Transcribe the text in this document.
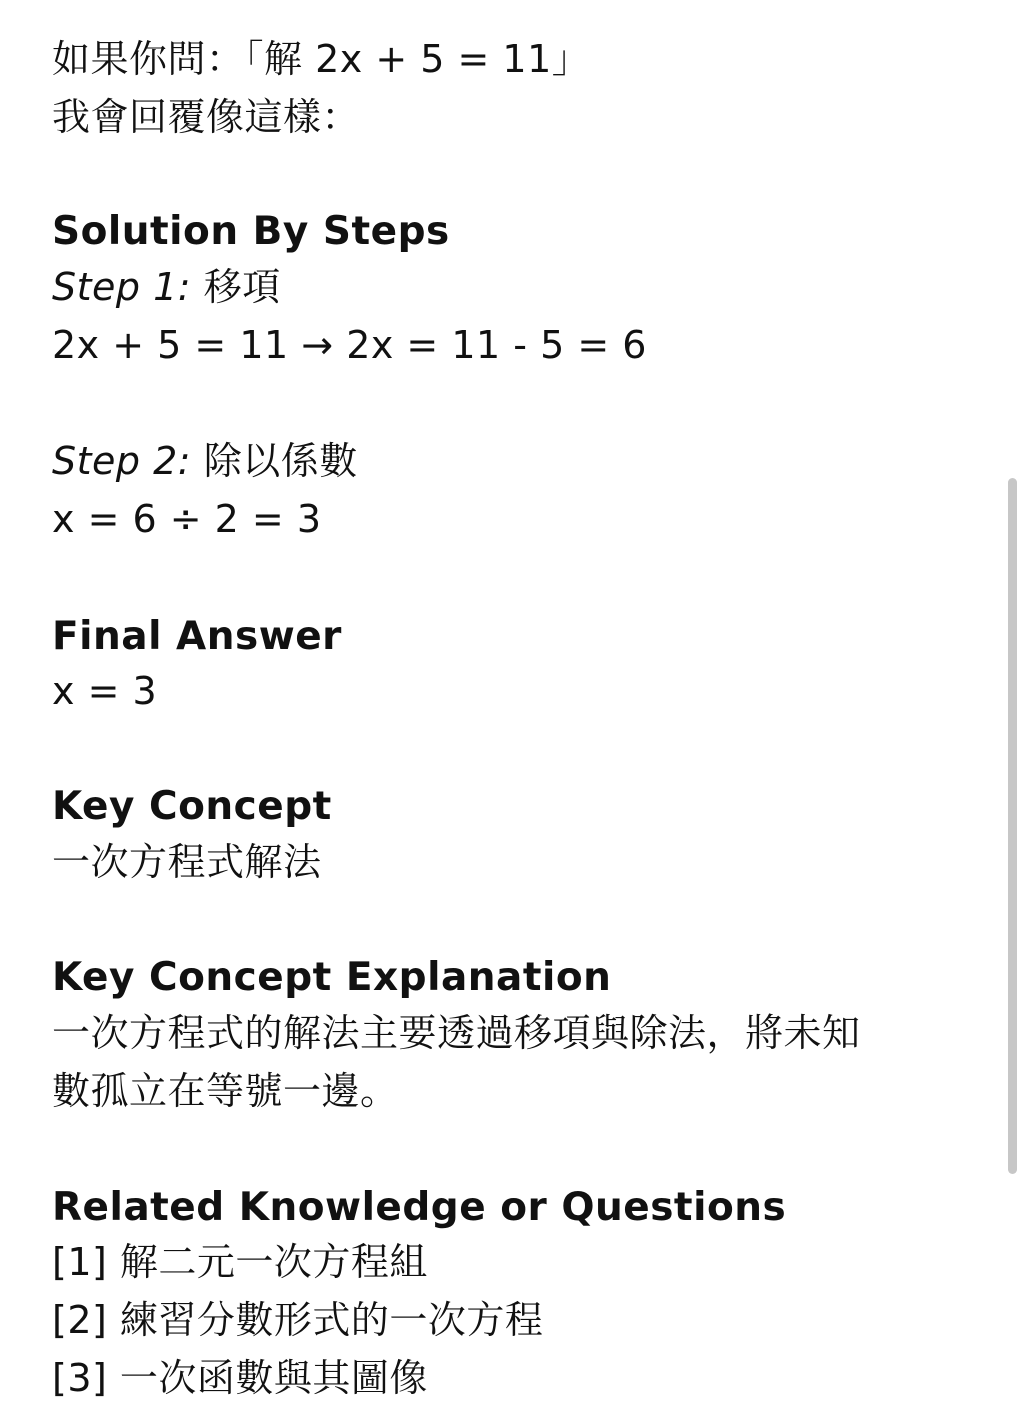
如果你問：「解 2x + 5 = 11」
我會回覆像這樣：
Solution By Steps
Step 1: 移項
2x + 5 = 11 → 2x = 11 - 5 = 6
Step 2: 除以係數
x = 6 ÷ 2 = 3
Final Answer
x = 3
Key Concept
一次方程式解法
Key Concept Explanation
一次方程式的解法主要透過移項與除法，將未知
數孤立在等號一邊。
Related Knowledge or Questions
[1] 解二元一次方程組
[2] 練習分數形式的一次方程
[3] 一次函數與其圖像
